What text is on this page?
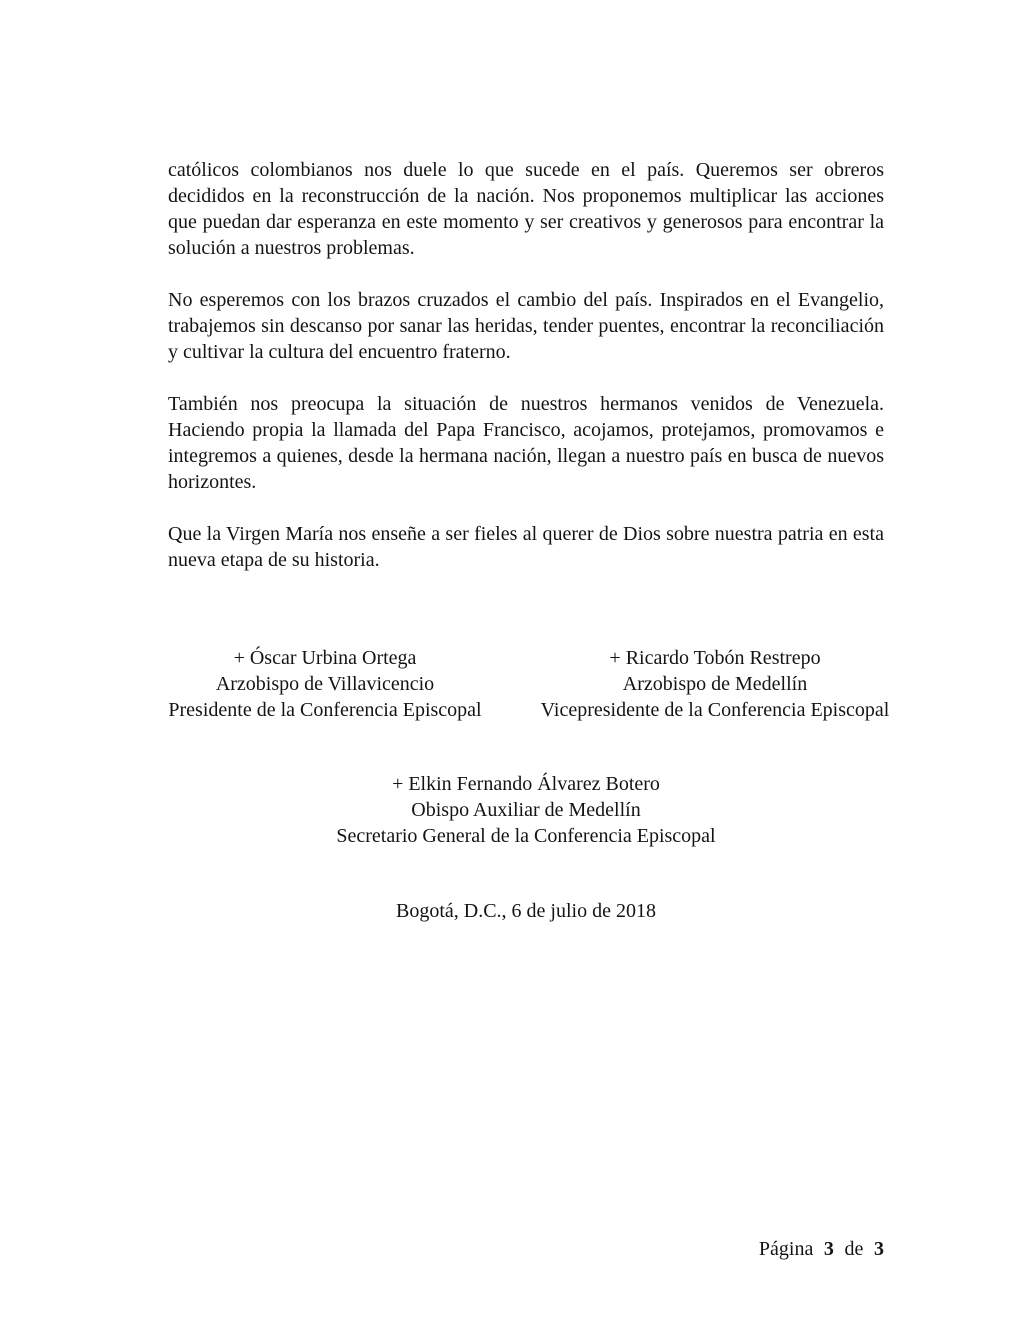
católicos colombianos nos duele lo que sucede en el país. Queremos ser obreros decididos en la reconstrucción de la nación. Nos proponemos multiplicar las acciones que puedan dar esperanza en este momento y ser creativos y generosos para encontrar la solución a nuestros problemas.

No esperemos con los brazos cruzados el cambio del país. Inspirados en el Evangelio, trabajemos sin descanso por sanar las heridas, tender puentes, encontrar la reconciliación y cultivar la cultura del encuentro fraterno.

También nos preocupa la situación de nuestros hermanos venidos de Venezuela. Haciendo propia la llamada del Papa Francisco, acojamos, protejamos, promovamos e integremos a quienes, desde la hermana nación, llegan a nuestro país en busca de nuevos horizontes.

Que la Virgen María nos enseñe a ser fieles al querer de Dios sobre nuestra patria en esta nueva etapa de su historia.

+ Óscar Urbina Ortega
Arzobispo de Villavicencio
Presidente de la Conferencia Episcopal
+ Ricardo Tobón Restrepo
Arzobispo de Medellín
Vicepresidente de la Conferencia Episcopal
+ Elkin Fernando Álvarez Botero
Obispo Auxiliar de Medellín
Secretario General de la Conferencia Episcopal
Bogotá, D.C., 6 de julio de 2018
Página 3 de 3
